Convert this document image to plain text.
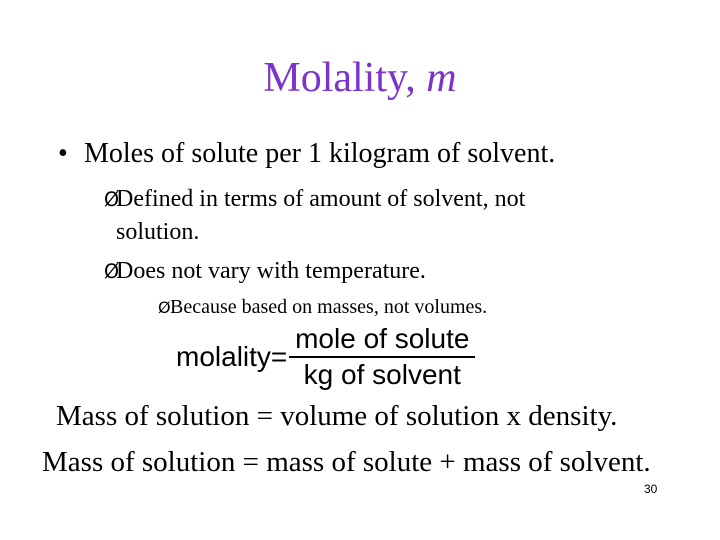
Molality, m
• Moles of solute per 1 kilogram of solvent.
ØDefined in terms of amount of solvent, not
solution.
ØDoes not vary with temperature.
ØBecause based on masses, not volumes.
molality = $\frac{\text{mole of solute}}{\text{kg of solvent}}$
Mass of solution = volume of solution x density.
Mass of solution = mass of solute + mass of solvent.
30
